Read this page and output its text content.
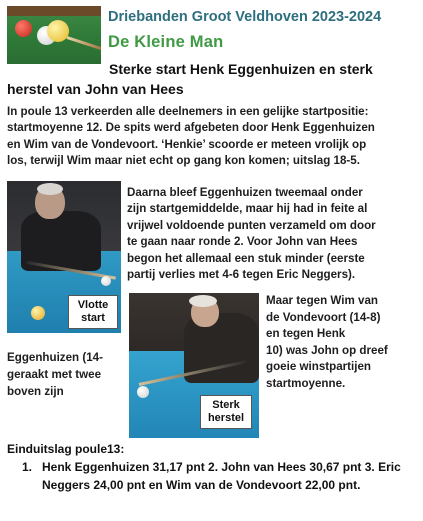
Driebanden Groot Veldhoven 2023-2024
De Kleine Man
Sterke start Henk Eggenhuizen en sterk
herstel van John van Hees
In poule 13 verkeerden alle deelnemers in een gelijke startpositie:
startmoyenne 12. De spits werd afgebeten door Henk Eggenhuizen
en Wim van de Vondevoort. ‘Henkie’ scoorde er meteen vrolijk op
los, terwijl Wim maar niet echt op gang kon komen; uitslag 18-5.
Vlotte start
Daarna bleef Eggenhuizen tweemaal onder
zijn startgemiddelde, maar hij had in feite al
vrijwel voldoende punten verzameld om door
te gaan naar ronde 2. Voor John van Hees
begon het allemaal een stuk minder (eerste
partij verlies met 4-6 tegen Eric Neggers).
Sterk herstel
Maar tegen Wim van
de Vondevoort (14-8)
en tegen Henk
10) was John op dreef
goeie winstpartijen
startmoyenne.
Eggenhuizen (14-
geraakt met twee
boven zijn
Einduitslag poule13:
1. Henk Eggenhuizen 31,17 pnt 2. John van Hees 30,67 pnt 3. Eric
Neggers 24,00 pnt en Wim van de Vondevoort 22,00 pnt.
